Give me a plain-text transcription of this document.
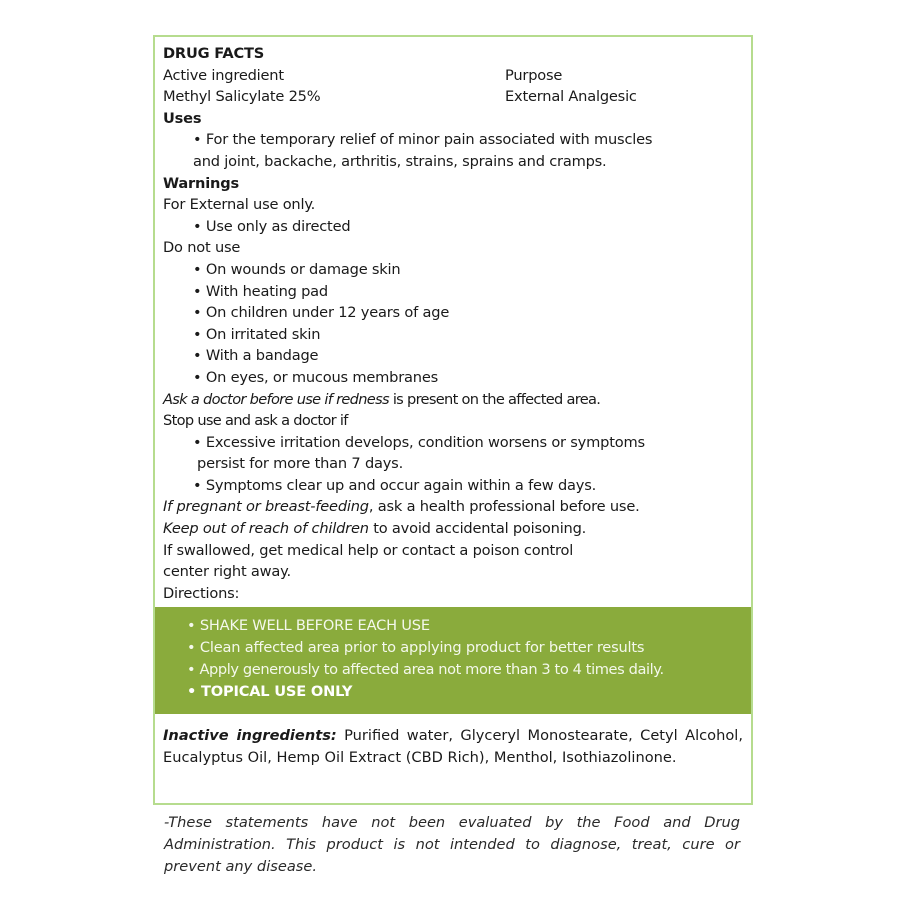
DRUG FACTS
Active ingredient	Purpose
Methyl Salicylate 25%	External Analgesic
Uses
• For the temporary relief of minor pain associated with muscles
and joint, backache, arthritis, strains, sprains and cramps.
Warnings
For External use only.
• Use only as directed
Do not use
• On wounds or damage skin
• With heating pad
• On children under 12 years of age
• On irritated skin
• With a bandage
• On eyes, or mucous membranes
Ask a doctor before use if redness is present on the affected area.
Stop use and ask a doctor if
• Excessive irritation develops, condition worsens or symptoms
persist for more than 7 days.
• Symptoms clear up and occur again within a few days.
If pregnant or breast-feeding, ask a health professional before use.
Keep out of reach of children to avoid accidental poisoning.
If swallowed, get medical help or contact a poison control
center right away.
Directions:
• SHAKE WELL BEFORE EACH USE
• Clean affected area prior to applying product for better results
• Apply generously to affected area not more than 3 to 4 times daily.
• TOPICAL USE ONLY
Inactive ingredients: Purified water, Glyceryl Monostearate, Cetyl Alcohol, Eucalyptus Oil, Hemp Oil Extract (CBD Rich), Menthol, Isothiazolinone.
-These statements have not been evaluated by the Food and Drug Administration. This product is not intended to diagnose, treat, cure or prevent any disease.
